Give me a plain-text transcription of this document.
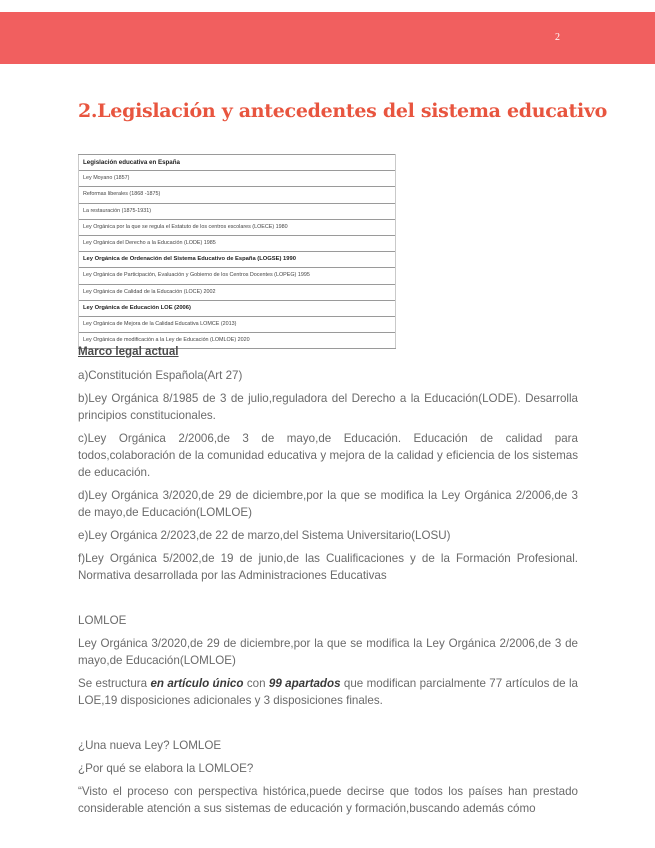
2
2.Legislación y antecedentes del sistema educativo
Legislación educativa en España
Ley Moyano (1857)
Reformas liberales (1868 -1875)
La restauración (1875-1931)
Ley Orgánica por la que se regula el Estatuto de los centros escolares (LOECE) 1980
Ley Orgánica del Derecho a la Educación (LODE) 1985
Ley Orgánica de Ordenación del Sistema Educativo de España (LOGSE) 1990
Ley Orgánica de Participación, Evaluación y Gobierno de los Centros Docentes (LOPEG) 1995
Ley Orgánica de Calidad de la Educación (LOCE) 2002
Ley Orgánica de Educación LOE (2006)
Ley Orgánica de Mejora de la Calidad Educativa LOMCE (2013)
Ley Orgánica de modificación a la Ley de Educación (LOMLOE) 2020

Marco legal actual

a)Constitución Española(Art 27)

b)Ley Orgánica 8/1985 de 3 de julio,reguladora del Derecho a la Educación(LODE). Desarrolla principios constitucionales.

c)Ley Orgánica 2/2006,de 3 de mayo,de Educación. Educación de calidad para todos,colaboración de la comunidad educativa y mejora de la calidad y eficiencia de los sistemas de educación.

d)Ley Orgánica 3/2020,de 29 de diciembre,por la que se modifica la Ley Orgánica 2/2006,de 3 de mayo,de Educación(LOMLOE)

e)Ley Orgánica 2/2023,de 22 de marzo,del Sistema Universitario(LOSU)

f)Ley Orgánica 5/2002,de 19 de junio,de las Cualificaciones y de la Formación Profesional. Normativa desarrollada por las Administraciones Educativas

LOMLOE

Ley Orgánica 3/2020,de 29 de diciembre,por la que se modifica la Ley Orgánica 2/2006,de 3 de mayo,de Educación(LOMLOE)

Se estructura en artículo único con 99 apartados que modifican parcialmente 77 artículos de la LOE,19 disposiciones adicionales y 3 disposiciones finales.

¿Una nueva Ley? LOMLOE

¿Por qué se elabora la LOMLOE?

“Visto el proceso con perspectiva histórica,puede decirse que todos los países han prestado considerable atención a sus sistemas de educación y formación,buscando además cómo
